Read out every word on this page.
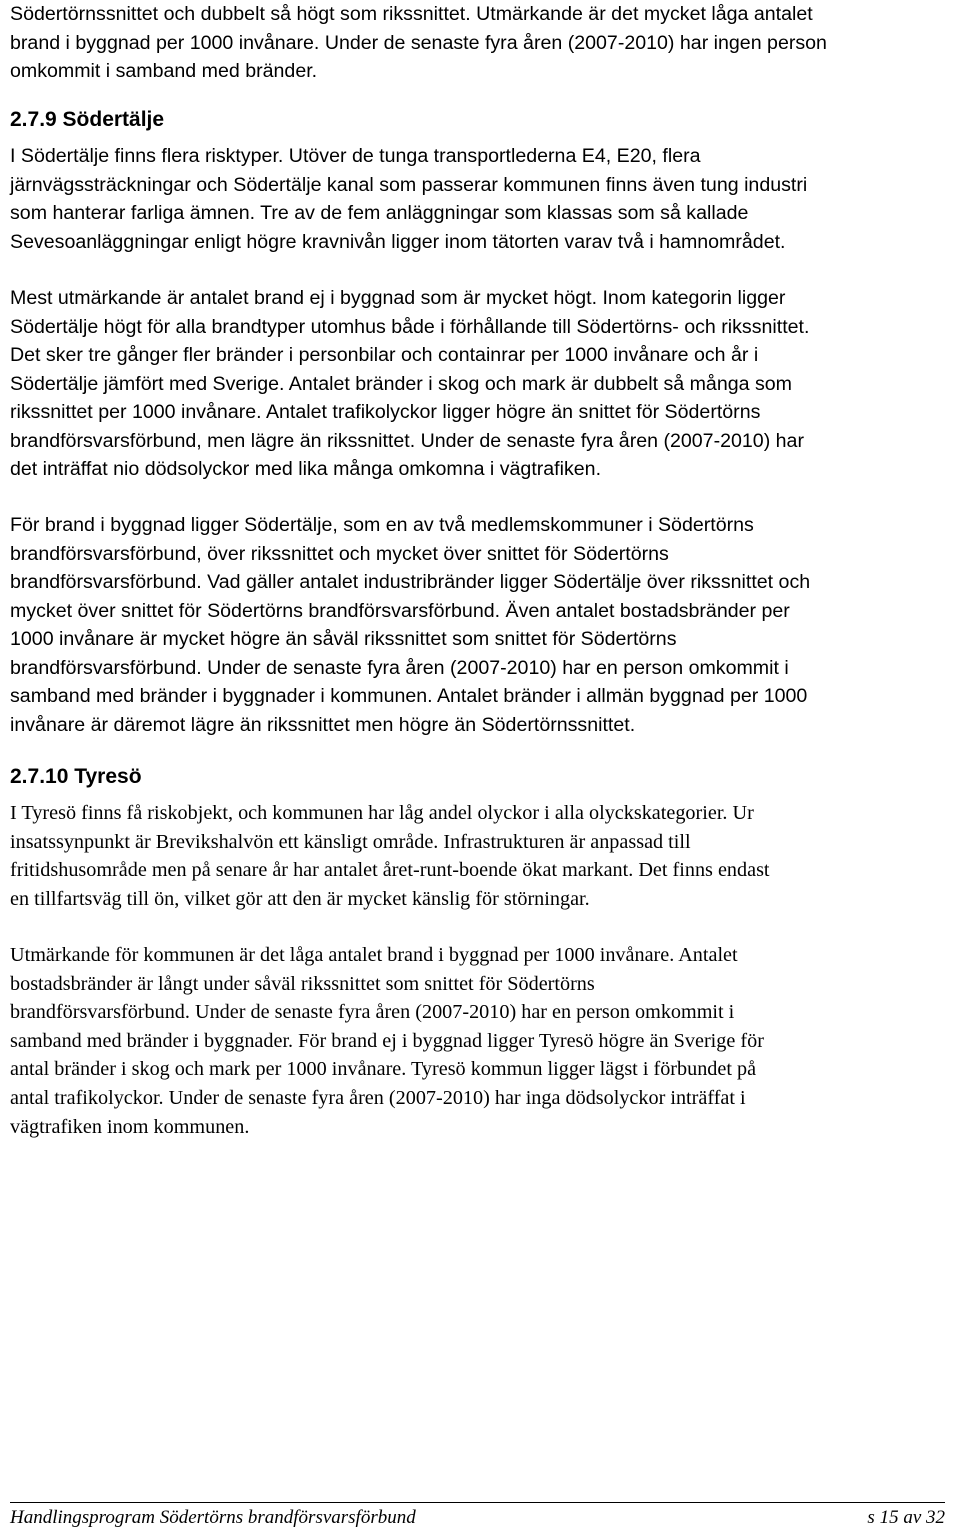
Södertörnssnittet och dubbelt så högt som rikssnittet. Utmärkande är det mycket låga antalet
brand i byggnad per 1000 invånare. Under de senaste fyra åren (2007-2010) har ingen person
omkommit i samband med bränder.

2.7.9 Södertälje

I Södertälje finns flera risktyper. Utöver de tunga transportlederna E4, E20, flera
järnvägssträckningar och Södertälje kanal som passerar kommunen finns även tung industri
som hanterar farliga ämnen. Tre av de fem anläggningar som klassas som så kallade
Sevesoanläggningar enligt högre kravnivån ligger inom tätorten varav två i hamnområdet.

Mest utmärkande är antalet brand ej i byggnad som är mycket högt. Inom kategorin ligger
Södertälje högt för alla brandtyper utomhus både i förhållande till Södertörns- och rikssnittet.
Det sker tre gånger fler bränder i personbilar och containrar per 1000 invånare och år i
Södertälje jämfört med Sverige. Antalet bränder i skog och mark är dubbelt så många som
rikssnittet per 1000 invånare. Antalet trafikolyckor ligger högre än snittet för Södertörns
brandförsvarsförbund, men lägre än rikssnittet. Under de senaste fyra åren (2007-2010) har
det inträffat nio dödsolyckor med lika många omkomna i vägtrafiken.

För brand i byggnad ligger Södertälje, som en av två medlemskommuner i Södertörns
brandförsvarsförbund, över rikssnittet och mycket över snittet för Södertörns
brandförsvarsförbund. Vad gäller antalet industribränder ligger Södertälje över rikssnittet och
mycket över snittet för Södertörns brandförsvarsförbund. Även antalet bostadsbränder per
1000 invånare är mycket högre än såväl rikssnittet som snittet för Södertörns
brandförsvarsförbund. Under de senaste fyra åren (2007-2010) har en person omkommit i
samband med bränder i byggnader i kommunen. Antalet bränder i allmän byggnad per 1000
invånare är däremot lägre än rikssnittet men högre än Södertörnssnittet.

2.7.10 Tyresö

I Tyresö finns få riskobjekt, och kommunen har låg andel olyckor i alla olyckskategorier. Ur
insatssynpunkt är Brevikshalvön ett känsligt område. Infrastrukturen är anpassad till
fritidshusområde men på senare år har antalet året-runt-boende ökat markant. Det finns endast
en tillfartsväg till ön, vilket gör att den är mycket känslig för störningar.

Utmärkande för kommunen är det låga antalet brand i byggnad per 1000 invånare. Antalet
bostadsbränder är långt under såväl rikssnittet som snittet för Södertörns
brandförsvarsförbund. Under de senaste fyra åren (2007-2010) har en person omkommit i
samband med bränder i byggnader. För brand ej i byggnad ligger Tyresö högre än Sverige för
antal bränder i skog och mark per 1000 invånare. Tyresö kommun ligger lägst i förbundet på
antal trafikolyckor. Under de senaste fyra åren (2007-2010) har inga dödsolyckor inträffat i
vägtrafiken inom kommunen.

Handlingsprogram Södertörns brandförsvarsförbund	s 15 av 32
